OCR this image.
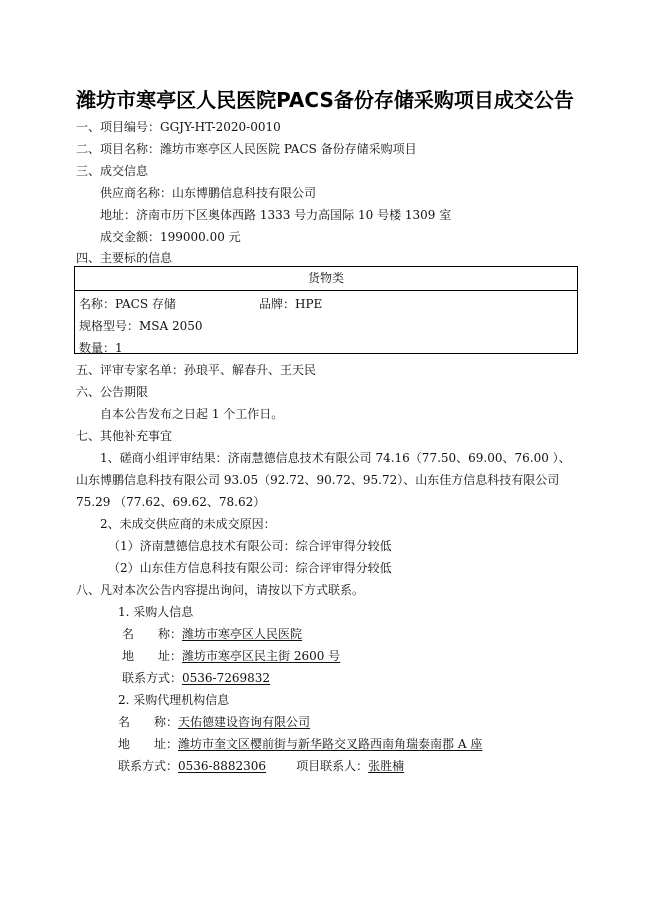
潍坊市寒亭区人民医院PACS备份存储采购项目成交公告
一、项目编号：GGJY-HT-2020-0010
二、项目名称：潍坊市寒亭区人民医院 PACS 备份存储采购项目
三、成交信息
供应商名称：山东博鹏信息科技有限公司
地址：济南市历下区奥体西路 1333 号力高国际 10 号楼 1309 室
成交金额：199000.00 元
四、主要标的信息
货物类
名称：PACS 存储	品牌：HPE
规格型号：MSA 2050
数量：1
五、评审专家名单：孙琅平、解春升、王天民
六、公告期限
自本公告发布之日起 1 个工作日。
七、其他补充事宜
1、磋商小组评审结果：济南慧德信息技术有限公司 74.16（77.50、69.00、76.00 ）、
山东博鹏信息科技有限公司 93.05（92.72、90.72、95.72）、山东佳方信息科技有限公司
75.29 （77.62、69.62、78.62）
2、未成交供应商的未成交原因：
（1）济南慧德信息技术有限公司：综合评审得分较低
（2）山东佳方信息科技有限公司：综合评审得分较低
八、凡对本次公告内容提出询问，请按以下方式联系。
1. 采购人信息
名　　称：潍坊市寒亭区人民医院
地　　址：潍坊市寒亭区民主街 2600 号
联系方式：0536-7269832
2. 采购代理机构信息
名　　称：天佑德建设咨询有限公司
地　　址：潍坊市奎文区樱前街与新华路交叉路西南角瑞泰南郡 A 座
联系方式：0536-8882306	项目联系人：张胜楠
